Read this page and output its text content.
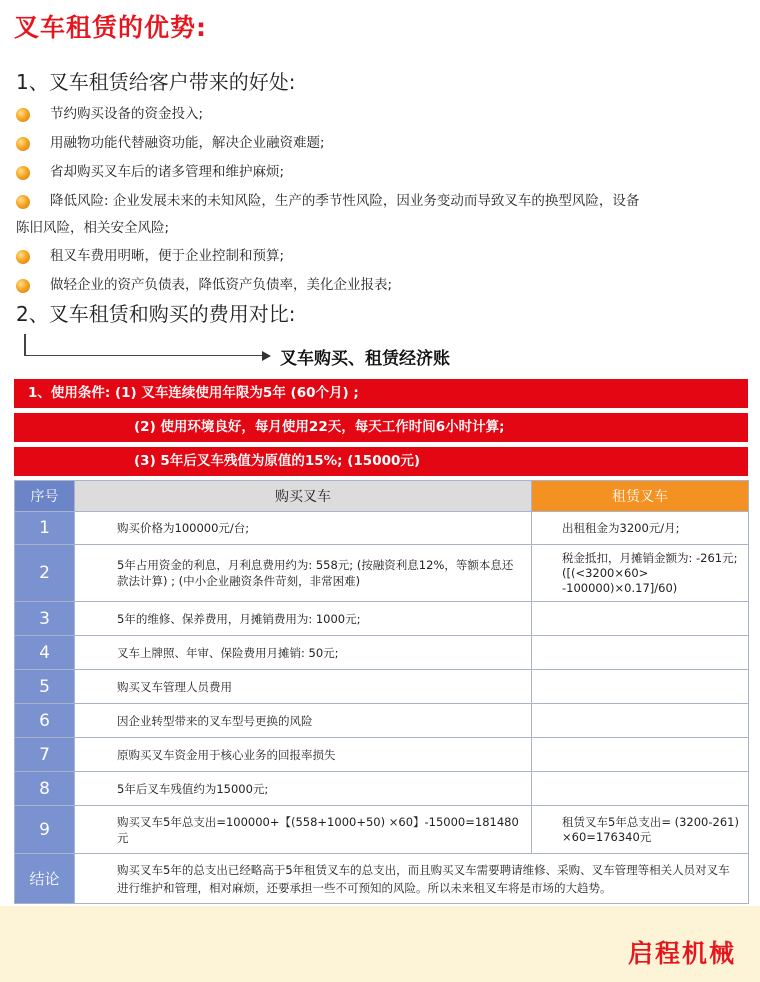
叉车租赁的优势:
1、叉车租赁给客户带来的好处:
节约购买设备的资金投入;
用融物功能代替融资功能，解决企业融资难题;
省却购买叉车后的诸多管理和维护麻烦;
降低风险: 企业发展未来的未知风险，生产的季节性风险，因业务变动而导致叉车的换型风险，设备
陈旧风险，相关安全风险;
租叉车费用明晰，便于企业控制和预算;
做轻企业的资产负债表，降低资产负债率，美化企业报表;
2、叉车租赁和购买的费用对比:
叉车购买、租赁经济账
1、使用条件: (1) 叉车连续使用年限为5年 (60个月) ;
(2) 使用环境良好，每月使用22天，每天工作时间6小时计算;
(3) 5年后叉车残值为原值的15%; (15000元)
序号	购买叉车	租赁叉车
1	购买价格为100000元/台;	出租租金为3200元/月;
2	5年占用资金的利息，月利息费用约为: 558元; (按融资利息12%，等额本息还款法计算) ; (中小企业融资条件苛刻，非常困难)	税金抵扣，月摊销金额为: -261元; ([(<3200×60> -100000)×0.17]/60)
3	5年的维修、保养费用，月摊销费用为: 1000元;	
4	叉车上牌照、年审、保险费用月摊销: 50元;	
5	购买叉车管理人员费用	
6	因企业转型带来的叉车型号更换的风险	
7	原购买叉车资金用于核心业务的回报率损失	
8	5年后叉车残值约为15000元;	
9	购买叉车5年总支出=100000+【(558+1000+50) ×60】-15000=181480元	租赁叉车5年总支出= (3200-261) ×60=176340元
结论	购买叉车5年的总支出已经略高于5年租赁叉车的总支出，而且购买叉车需要聘请维修、采购、叉车管理等相关人员对叉车进行维护和管理，相对麻烦，还要承担一些不可预知的风险。所以未来租叉车将是市场的大趋势。	
启程机械
